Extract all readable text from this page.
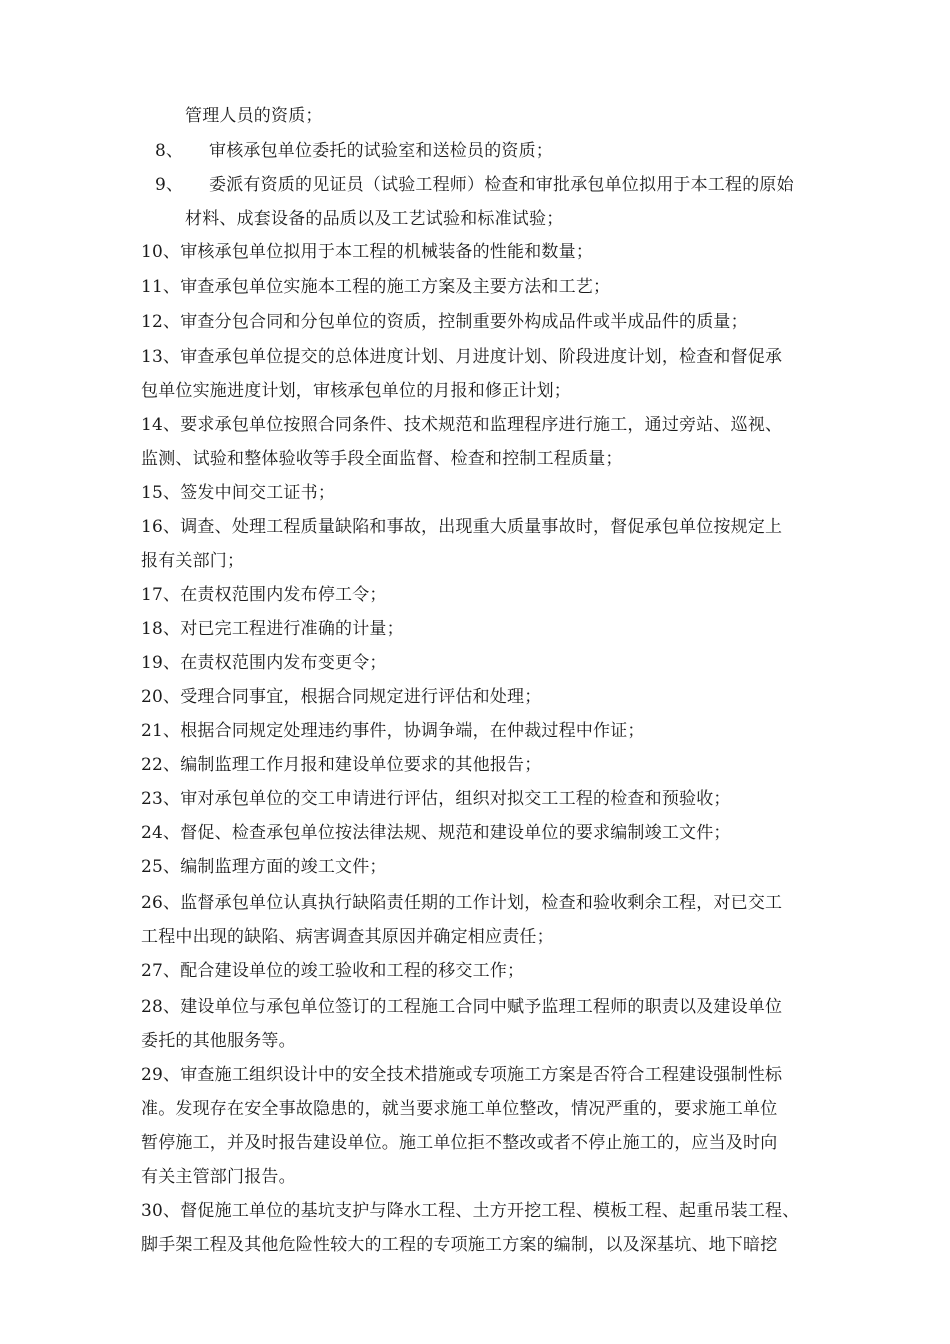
管理人员的资质；
8、 审核承包单位委托的试验室和送检员的资质；
9、 委派有资质的见证员（试验工程师）检查和审批承包单位拟用于本工程的原始
材料、成套设备的品质以及工艺试验和标准试验；
10、审核承包单位拟用于本工程的机械装备的性能和数量；
11、审查承包单位实施本工程的施工方案及主要方法和工艺；
12、审查分包合同和分包单位的资质，控制重要外构成品件或半成品件的质量；
13、审查承包单位提交的总体进度计划、月进度计划、阶段进度计划，检查和督促承
包单位实施进度计划，审核承包单位的月报和修正计划；
14、要求承包单位按照合同条件、技术规范和监理程序进行施工，通过旁站、巡视、
监测、试验和整体验收等手段全面监督、检查和控制工程质量；
15、签发中间交工证书；
16、调查、处理工程质量缺陷和事故，出现重大质量事故时，督促承包单位按规定上
报有关部门；
17、在责权范围内发布停工令；
18、对已完工程进行准确的计量；
19、在责权范围内发布变更令；
20、受理合同事宜，根据合同规定进行评估和处理；
21、根据合同规定处理违约事件，协调争端，在仲裁过程中作证；
22、编制监理工作月报和建设单位要求的其他报告；
23、审对承包单位的交工申请进行评估，组织对拟交工工程的检查和预验收；
24、督促、检查承包单位按法律法规、规范和建设单位的要求编制竣工文件；
25、编制监理方面的竣工文件；
26、监督承包单位认真执行缺陷责任期的工作计划，检查和验收剩余工程，对已交工
工程中出现的缺陷、病害调查其原因并确定相应责任；
27、配合建设单位的竣工验收和工程的移交工作；
28、建设单位与承包单位签订的工程施工合同中赋予监理工程师的职责以及建设单位
委托的其他服务等。
29、审查施工组织设计中的安全技术措施或专项施工方案是否符合工程建设强制性标
准。发现存在安全事故隐患的，就当要求施工单位整改，情况严重的，要求施工单位
暂停施工，并及时报告建设单位。施工单位拒不整改或者不停止施工的，应当及时向
有关主管部门报告。
30、督促施工单位的基坑支护与降水工程、土方开挖工程、模板工程、起重吊装工程、
脚手架工程及其他危险性较大的工程的专项施工方案的编制，以及深基坑、地下暗挖
